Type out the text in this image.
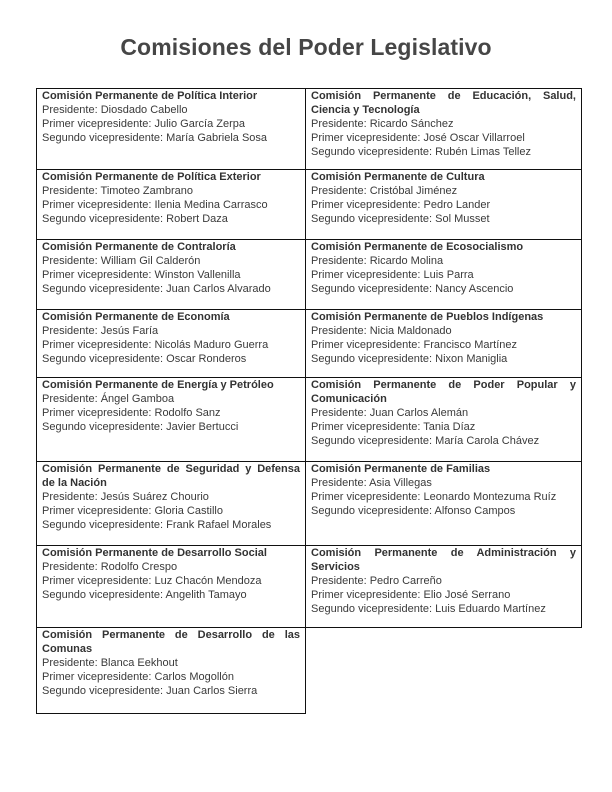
Comisiones del Poder Legislativo
Comisión Permanente de Política Interior
Presidente: Diosdado Cabello
Primer vicepresidente: Julio García Zerpa
Segundo vicepresidente: María Gabriela Sosa
Comisión Permanente de Educación, Salud, Ciencia y Tecnología
Presidente: Ricardo Sánchez
Primer vicepresidente: José Oscar Villarroel
Segundo vicepresidente: Rubén Limas Tellez
Comisión Permanente de Política Exterior
Presidente: Timoteo Zambrano
Primer vicepresidente: Ilenia Medina Carrasco
Segundo vicepresidente: Robert Daza
Comisión Permanente de Cultura
Presidente: Cristóbal Jiménez
Primer vicepresidente: Pedro Lander
Segundo vicepresidente: Sol Musset
Comisión Permanente de Contraloría
Presidente: William Gil Calderón
Primer vicepresidente: Winston Vallenilla
Segundo vicepresidente: Juan Carlos Alvarado
Comisión Permanente de Ecosocialismo
Presidente: Ricardo Molina
Primer vicepresidente: Luis Parra
Segundo vicepresidente: Nancy Ascencio
Comisión Permanente de Economía
Presidente: Jesús Faría
Primer vicepresidente: Nicolás Maduro Guerra
Segundo vicepresidente: Oscar Ronderos
Comisión Permanente de Pueblos Indígenas
Presidente: Nicia Maldonado
Primer vicepresidente: Francisco Martínez
Segundo vicepresidente: Nixon Maniglia
Comisión Permanente de Energía y Petróleo
Presidente: Ángel Gamboa
Primer vicepresidente: Rodolfo Sanz
Segundo vicepresidente: Javier Bertucci
Comisión Permanente de Poder Popular y Comunicación
Presidente: Juan Carlos Alemán
Primer vicepresidente: Tania Díaz
Segundo vicepresidente: María Carola Chávez
Comisión Permanente de Seguridad y Defensa de la Nación
Presidente: Jesús Suárez Chourio
Primer vicepresidente: Gloria Castillo
Segundo vicepresidente: Frank Rafael Morales
Comisión Permanente de Familias
Presidente: Asia Villegas
Primer vicepresidente: Leonardo Montezuma Ruíz
Segundo vicepresidente: Alfonso Campos
Comisión Permanente de Desarrollo Social
Presidente: Rodolfo Crespo
Primer vicepresidente: Luz Chacón Mendoza
Segundo vicepresidente: Angelith Tamayo
Comisión Permanente de Administración y Servicios
Presidente: Pedro Carreño
Primer vicepresidente: Elio José Serrano
Segundo vicepresidente: Luis Eduardo Martínez
Comisión Permanente de Desarrollo de las Comunas
Presidente: Blanca Eekhout
Primer vicepresidente: Carlos Mogollón
Segundo vicepresidente: Juan Carlos Sierra
